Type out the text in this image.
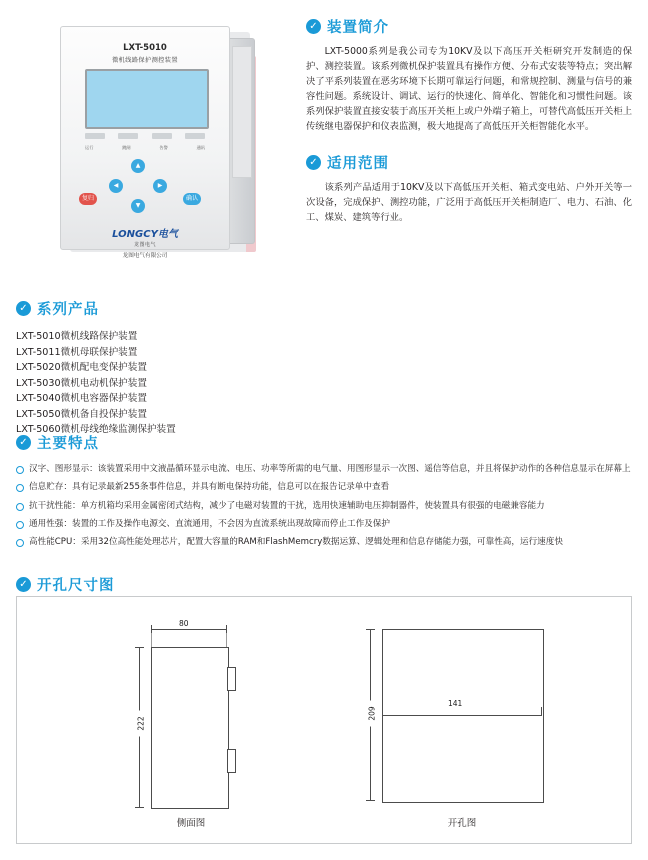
LXT-5010
微机线路保护测控装置
运行	跳闸	告警	通讯
▲
◀	▶
▼
复归	确认
LONGCY电气
龙图电气
龙图电气有限公司
✓ 装置简介

LXT-5000系列是我公司专为10KV及以下高压开关柜研究开发制造的保护、测控装置。该系列微机保护装置具有操作方便、分布式安装等特点；突出解决了平系列装置在恶劣环境下长期可靠运行问题，和常规控制、测量与信号的兼容性问题。系统设计、调试、运行的快速化、简单化、智能化和习惯性问题。该系列保护装置直接安装于高压开关柜上或户外端子箱上，可替代高低压开关柜上传统继电器保护和仪表监测，极大地提高了高低压开关柜智能化水平。

✓ 适用范围

该系列产品适用于10KV及以下高低压开关柜、箱式变电站、户外开关等一次设备，完成保护、测控功能，广泛用于高低压开关柜制造厂、电力、石油、化工、煤炭、建筑等行业。

✓ 系列产品
LXT-5010微机线路保护装置
LXT-5011微机母联保护装置
LXT-5020微机配电变保护装置
LXT-5030微机电动机保护装置
LXT-5040微机电容器保护装置
LXT-5050微机备自投保护装置
LXT-5060微机母线绝缘监测保护装置
✓ 主要特点
汉字、图形显示：该装置采用中文液晶循环显示电流、电压、功率等所需的电气量、用图形显示一次图、遥信等信息，并且将保护动作的各种信息显示在屏幕上
信息贮存：具有记录最新255条事件信息，并具有断电保持功能，信息可以在报告记录单中查看
抗干扰性能：单方机箱均采用金属密闭式结构，减少了电磁对装置的干扰，选用快速辅助电压抑制器件，使装置具有很强的电磁兼容能力
通用性强：装置的工作及操作电源交、直流通用，不会因为直流系统出现故障而停止工作及保护
高性能CPU：采用32位高性能处理芯片，配置大容量的RAM和FlashMemcry数据运算、逻辑处理和信息存储能力强，可靠性高，运行速度快
✓ 开孔尺寸图
80
222
侧面图
141
209
开孔图
